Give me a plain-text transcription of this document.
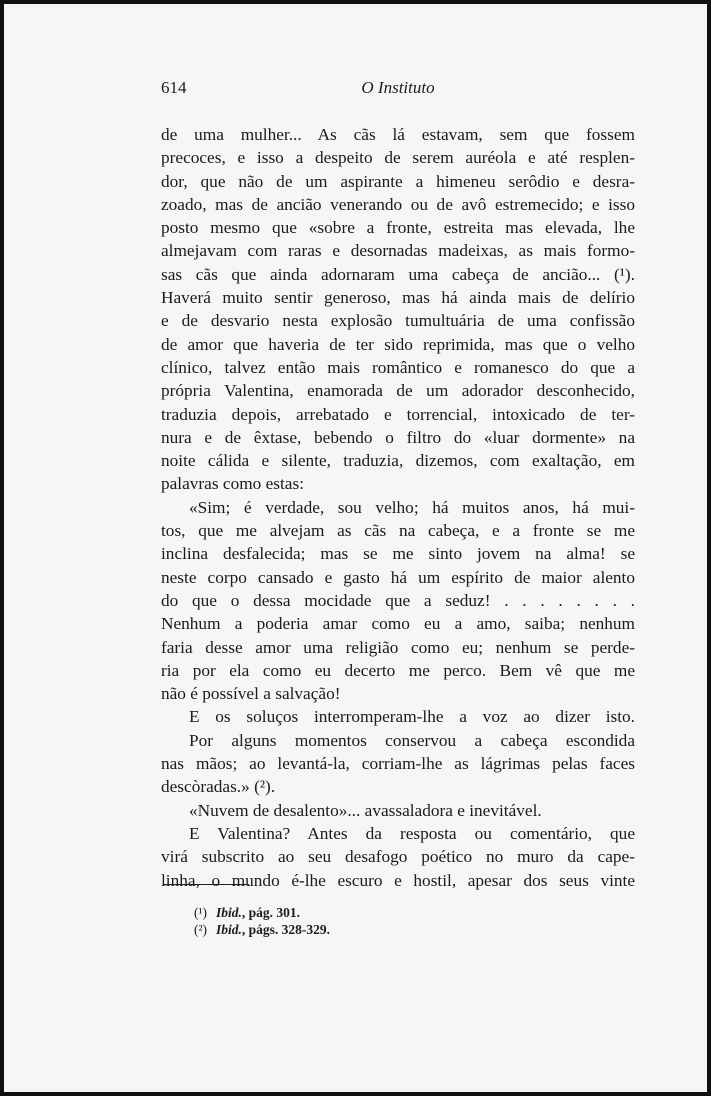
614	O Instituto
de uma mulher... As cãs lá estavam, sem que fossem
precoces, e isso a despeito de serem auréola e até resplen-
dor, que não de um aspirante a himeneu serôdio e desra-
zoado, mas de ancião venerando ou de avô estremecido; e isso
posto mesmo que «sobre a fronte, estreita mas elevada, lhe
almejavam com raras e desornadas madeixas, as mais formo-
sas cãs que ainda adornaram uma cabeça de ancião... (¹).
Haverá muito sentir generoso, mas há ainda mais de delírio
e de desvario nesta explosão tumultuária de uma confissão
de amor que haveria de ter sido reprimida, mas que o velho
clínico, talvez então mais romântico e romanesco do que a
própria Valentina, enamorada de um adorador desconhecido,
traduzia depois, arrebatado e torrencial, intoxicado de ter-
nura e de êxtase, bebendo o filtro do «luar dormente» na
noite cálida e silente, traduzia, dizemos, com exaltação, em
palavras como estas:
«Sim; é verdade, sou velho; há muitos anos, há mui-
tos, que me alvejam as cãs na cabeça, e a fronte se me
inclina desfalecida; mas se me sinto jovem na alma! se
neste corpo cansado e gasto há um espírito de maior alento
do que o dessa mocidade que a seduz! . . . . . . . .
Nenhum a poderia amar como eu a amo, saiba; nenhum
faria desse amor uma religião como eu; nenhum se perde-
ria por ela como eu decerto me perco. Bem vê que me
não é possível a salvação!
E os soluços interromperam-lhe a voz ao dizer isto.
Por alguns momentos conservou a cabeça escondida
nas mãos; ao levantá-la, corriam-lhe as lágrimas pelas faces
descòradas.» (²).
«Nuvem de desalento»... avassaladora e inevitável.
E Valentina? Antes da resposta ou comentário, que
virá subscrito ao seu desafogo poético no muro da cape-
linha, o mundo é-lhe escuro e hostil, apesar dos seus vinte
(¹) Ibid., pág. 301.
(²) Ibid., págs. 328-329.
